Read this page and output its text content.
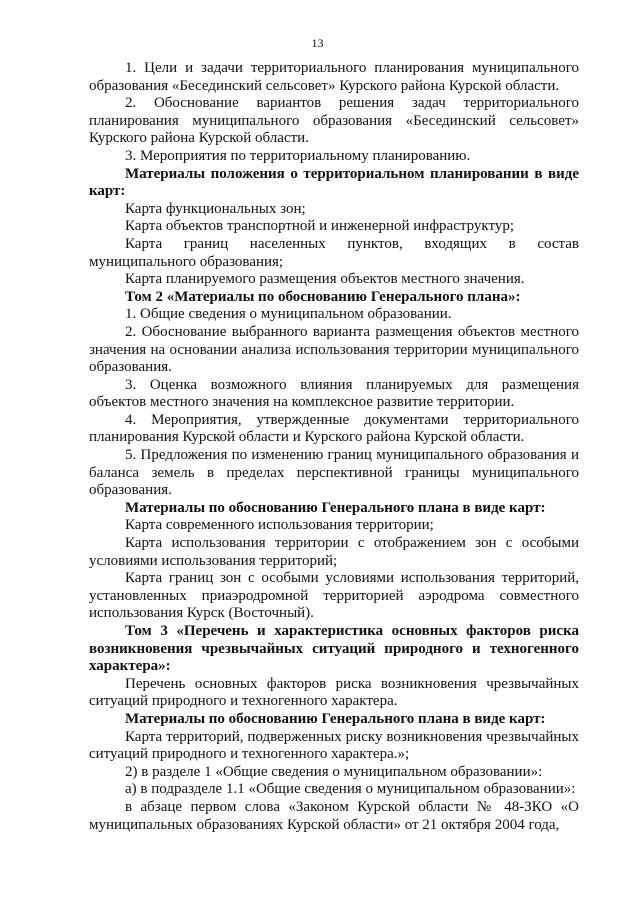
13

1. Цели и задачи территориального планирования муниципального образования «Бесединский сельсовет» Курского района Курской области.

2. Обоснование вариантов решения задач территориального планирования муниципального образования «Бесединский сельсовет» Курского района Курской области.

3. Мероприятия по территориальному планированию.

Материалы положения о территориальном планировании в виде карт:

Карта функциональных зон;

Карта объектов транспортной и инженерной инфраструктур;

Карта границ населенных пунктов, входящих в состав муниципального образования;

Карта планируемого размещения объектов местного значения.

Том 2 «Материалы по обоснованию Генерального плана»:

1. Общие сведения о муниципальном образовании.

2. Обоснование выбранного варианта размещения объектов местного значения на основании анализа использования территории муниципального образования.

3. Оценка возможного влияния планируемых для размещения объектов местного значения на комплексное развитие территории.

4. Мероприятия, утвержденные документами территориального планирования Курской области и Курского района Курской области.

5. Предложения по изменению границ муниципального образования и баланса земель в пределах перспективной границы муниципального образования.

Материалы по обоснованию Генерального плана в виде карт:

Карта современного использования территории;

Карта использования территории с отображением зон с особыми условиями использования территорий;

Карта границ зон с особыми условиями использования территорий, установленных приаэродромной территорией аэродрома совместного использования Курск (Восточный).

Том 3 «Перечень и характеристика основных факторов риска возникновения чрезвычайных ситуаций природного и техногенного характера»:

Перечень основных факторов риска возникновения чрезвычайных ситуаций природного и техногенного характера.

Материалы по обоснованию Генерального плана в виде карт:

Карта территорий, подверженных риску возникновения чрезвычайных ситуаций природного и техногенного характера.»;

2) в разделе 1 «Общие сведения о муниципальном образовании»:

а) в подразделе 1.1 «Общие сведения о муниципальном образовании»:

в абзаце первом слова «Законом Курской области № 48-ЗКО «О муниципальных образованиях Курской области» от 21 октября 2004 года,
